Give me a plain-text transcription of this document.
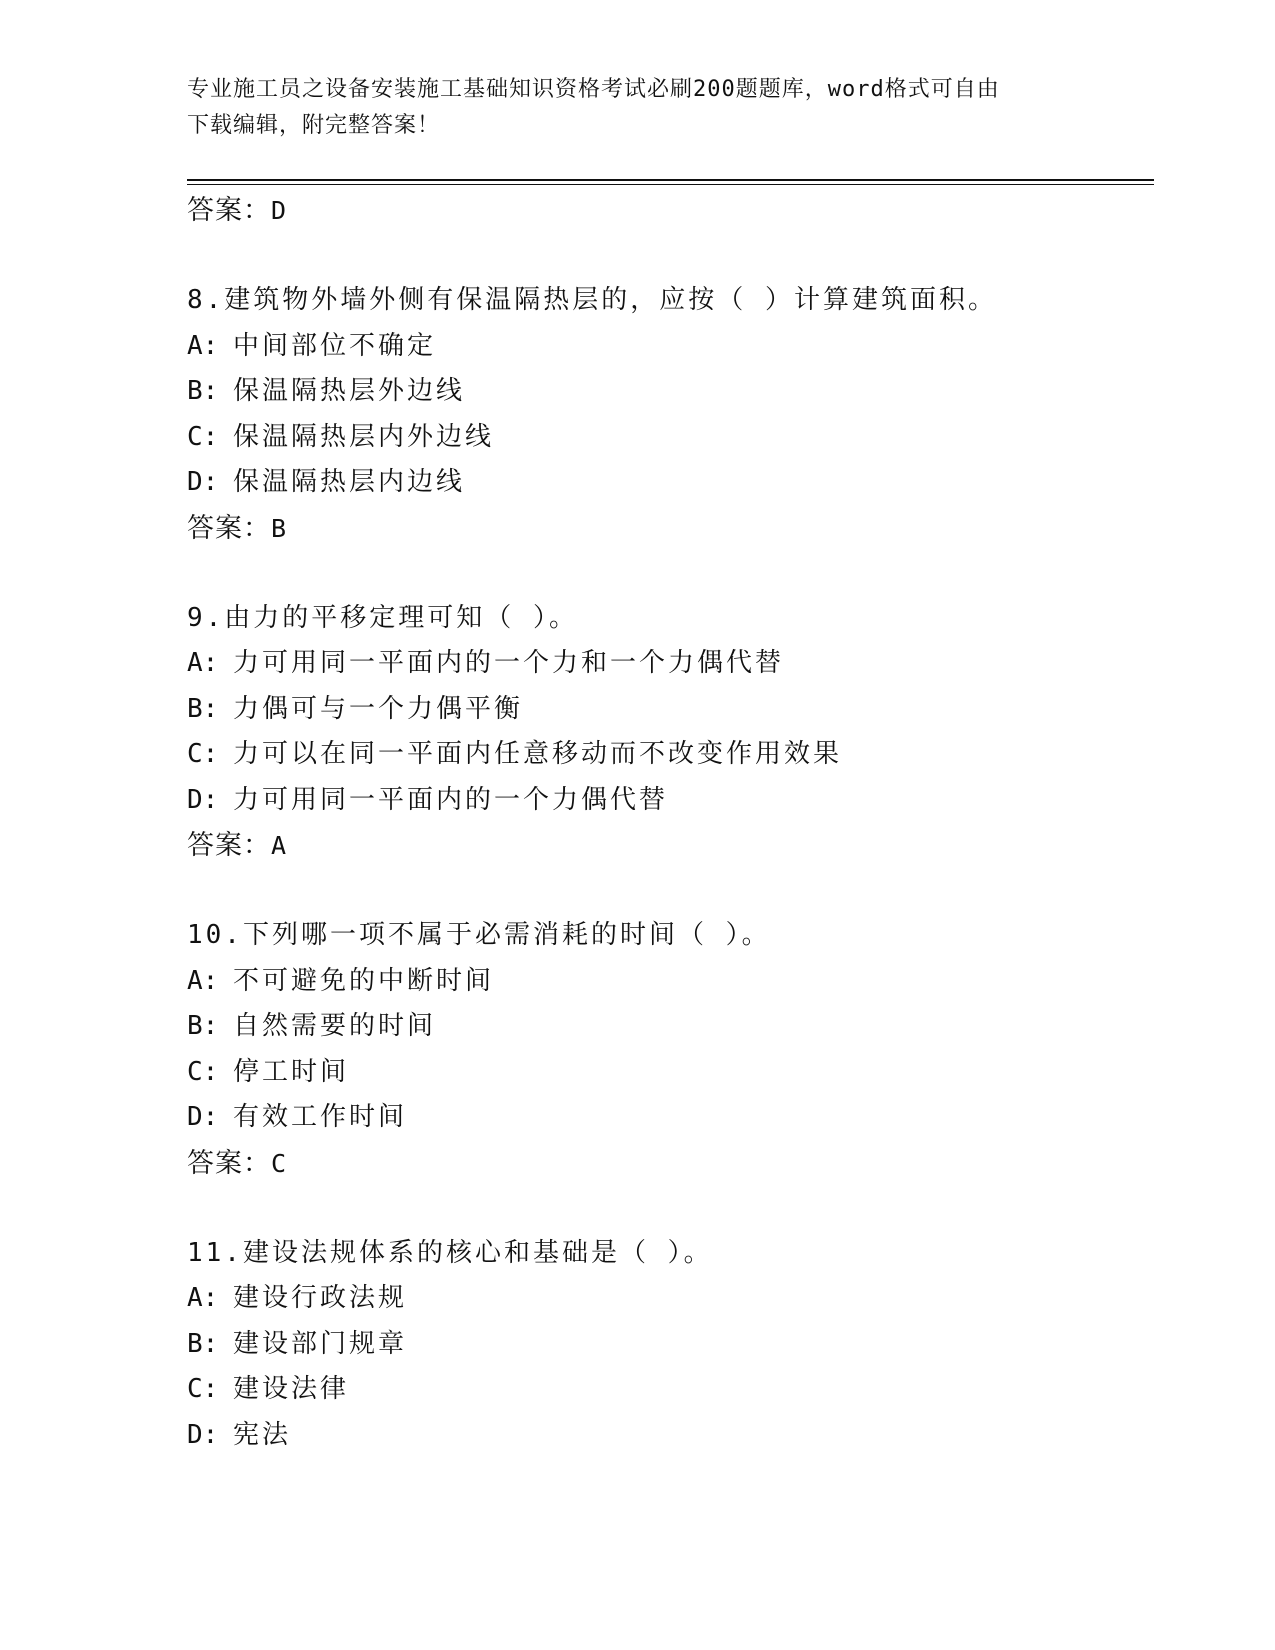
专业施工员之设备安装施工基础知识资格考试必刷200题题库，word格式可自由
下载编辑，附完整答案！
答案：D
8.建筑物外墙外侧有保温隔热层的，应按（ ）计算建筑面积。
A: 中间部位不确定
B: 保温隔热层外边线
C: 保温隔热层内外边线
D: 保温隔热层内边线
答案：B
9.由力的平移定理可知（ ）。
A: 力可用同一平面内的一个力和一个力偶代替
B: 力偶可与一个力偶平衡
C: 力可以在同一平面内任意移动而不改变作用效果
D: 力可用同一平面内的一个力偶代替
答案：A
10.下列哪一项不属于必需消耗的时间（ ）。
A: 不可避免的中断时间
B: 自然需要的时间
C: 停工时间
D: 有效工作时间
答案：C
11.建设法规体系的核心和基础是（ ）。
A: 建设行政法规
B: 建设部门规章
C: 建设法律
D: 宪法
